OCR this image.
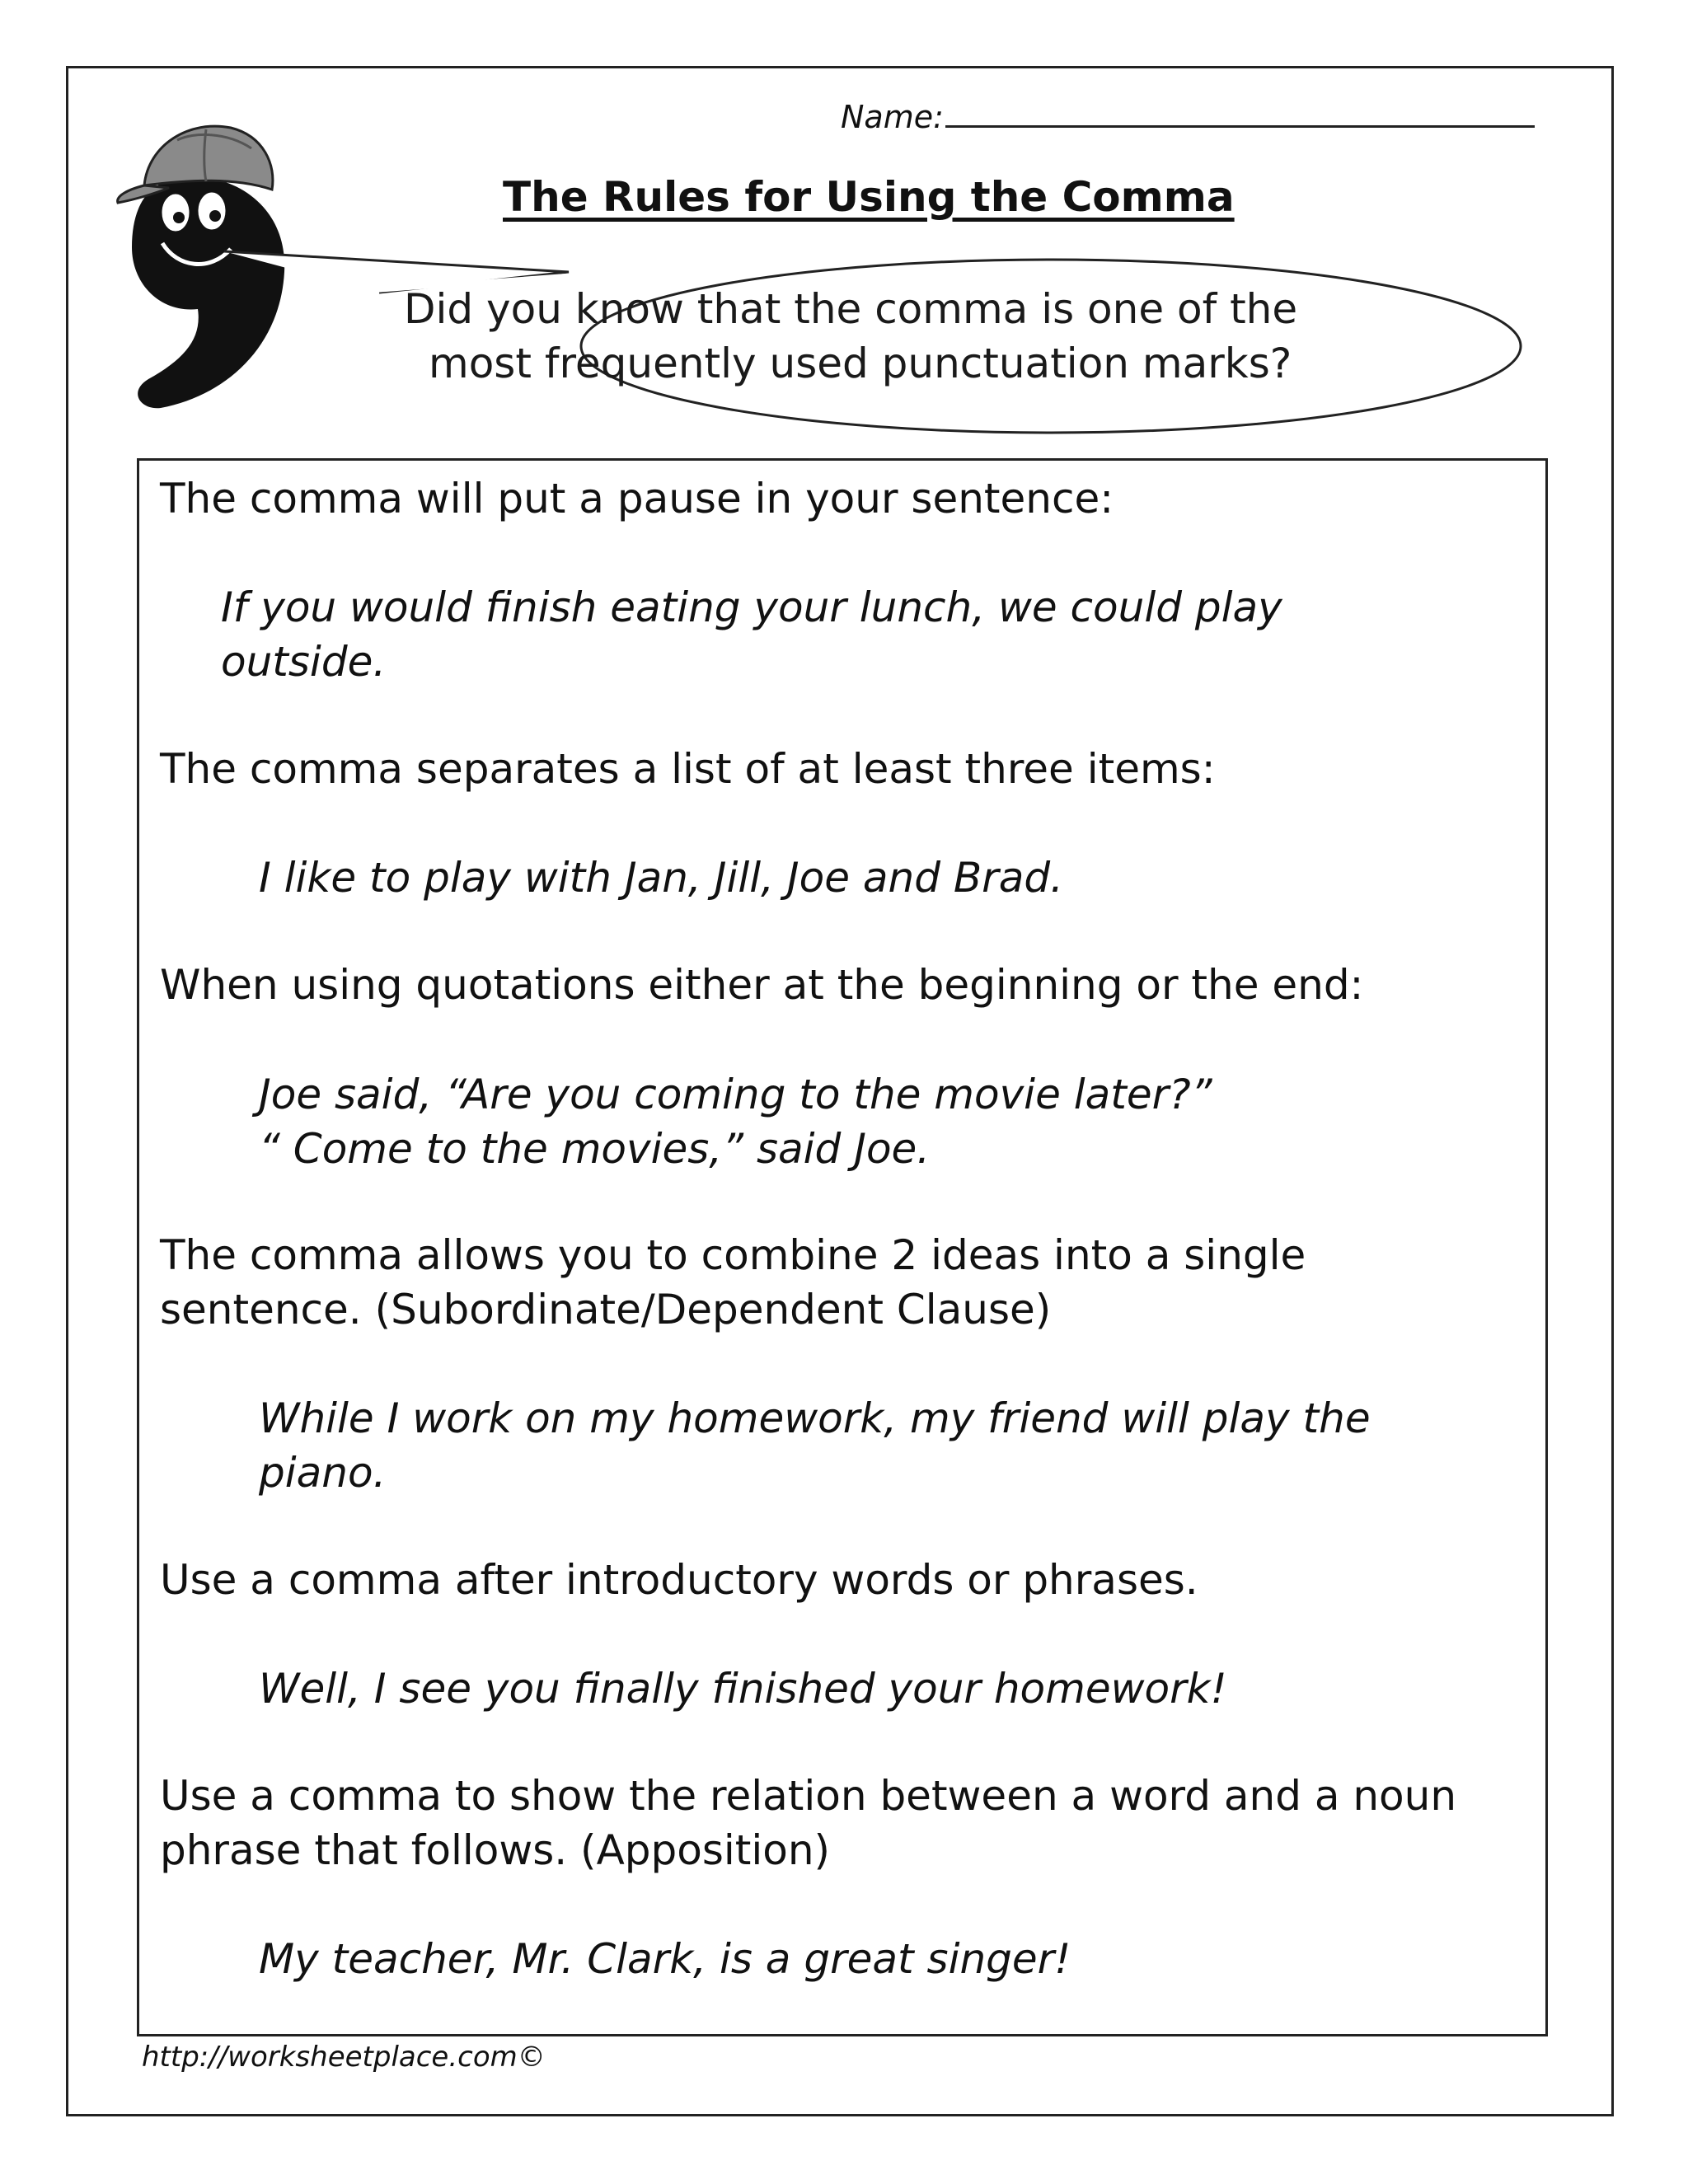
Name:
The Rules for Using the Comma
Did you know that the comma is one of the
most frequently used punctuation marks?
The comma will put a pause in your sentence:
If you would finish eating your lunch, we could play
outside.
The comma separates a list of at least three items:
I like to play with Jan, Jill, Joe and Brad.
When using quotations either at the beginning or the end:
Joe said, “Are you coming to the movie later?”
“ Come to the movies,” said Joe.
The comma allows you to combine 2 ideas into a single
sentence. (Subordinate/Dependent Clause)
While I work on my homework, my friend will play the
piano.
Use a comma after introductory words or phrases.
Well, I see you finally finished your homework!
Use a comma to show the relation between a word and a noun
phrase that follows. (Apposition)
My teacher, Mr. Clark, is a great singer!
http://worksheetplace.com©
